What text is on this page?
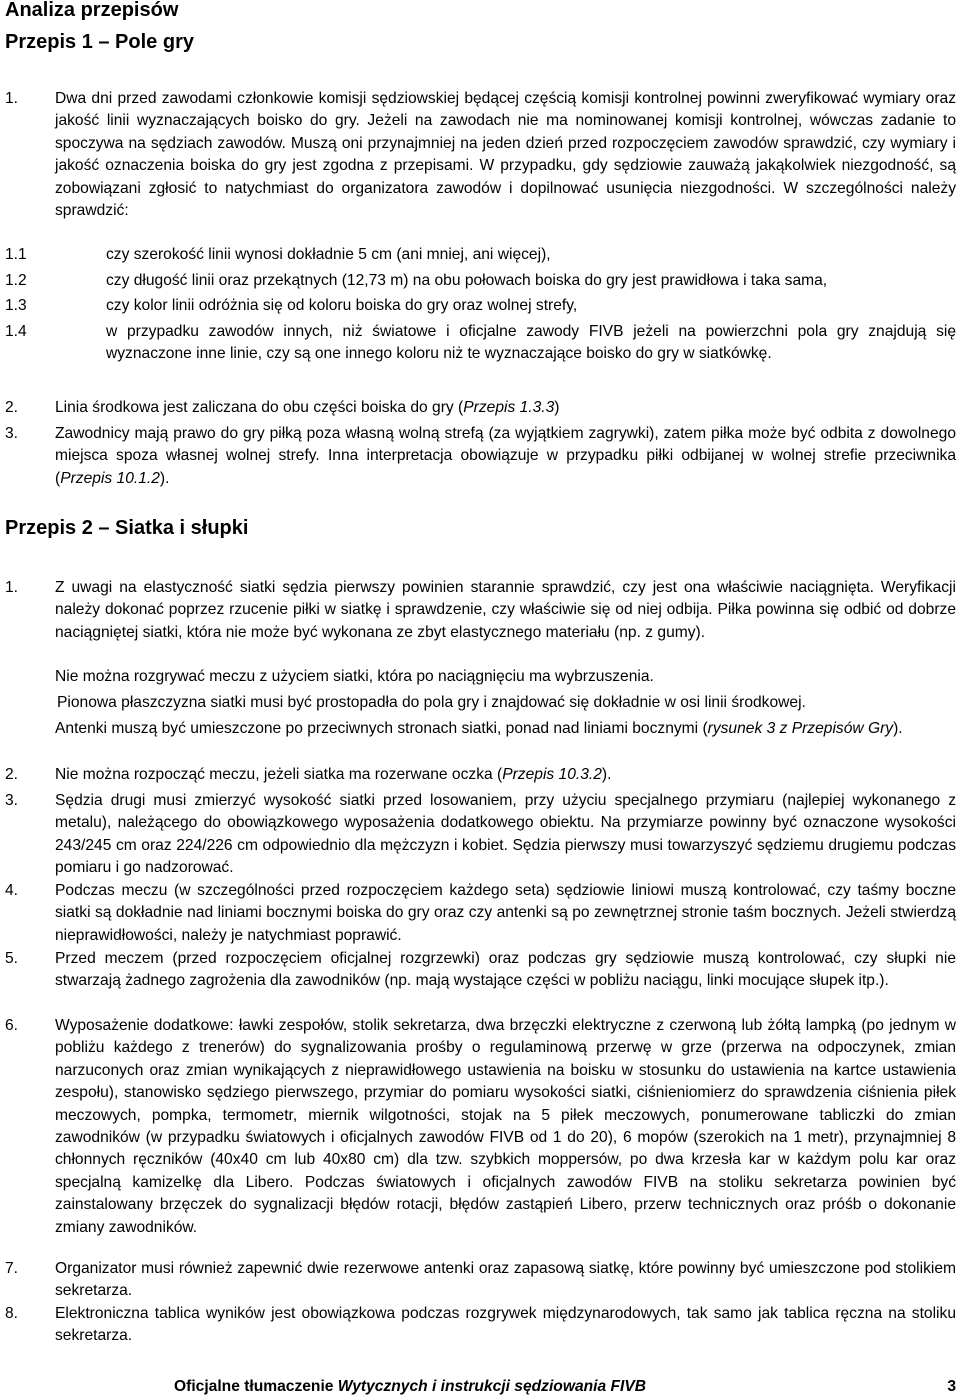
Analiza przepisów
Przepis 1 – Pole gry
1.	Dwa dni przed zawodami członkowie komisji sędziowskiej będącej częścią komisji kontrolnej powinni zweryfikować wymiary oraz jakość linii wyznaczających boisko do gry. Jeżeli na zawodach nie ma nominowanej komisji kontrolnej, wówczas zadanie to spoczywa na sędziach zawodów. Muszą oni przynajmniej na jeden dzień przed rozpoczęciem zawodów sprawdzić, czy wymiary i jakość oznaczenia boiska do gry jest zgodna z przepisami. W przypadku, gdy sędziowie zauważą jakąkolwiek niezgodność, są zobowiązani zgłosić to natychmiast do organizatora zawodów i dopilnować usunięcia niezgodności. W szczególności należy sprawdzić:
1.1	czy szerokość linii wynosi dokładnie 5 cm (ani mniej, ani więcej),
1.2	czy długość linii oraz przekątnych (12,73 m) na obu połowach boiska do gry jest prawidłowa i taka sama,
1.3	czy kolor linii odróżnia się od koloru boiska do gry oraz wolnej strefy,
1.4	w przypadku zawodów innych, niż światowe i oficjalne zawody FIVB jeżeli na powierzchni pola gry znajdują się wyznaczone inne linie, czy są one innego koloru niż te wyznaczające boisko do gry w siatkówkę.
2.	Linia środkowa jest zaliczana do obu części boiska do gry (Przepis 1.3.3)
3.	Zawodnicy mają prawo do gry piłką poza własną wolną strefą (za wyjątkiem zagrywki), zatem piłka może być odbita z dowolnego miejsca spoza własnej wolnej strefy. Inna interpretacja obowiązuje w przypadku piłki odbijanej w wolnej strefie przeciwnika (Przepis 10.1.2).
Przepis 2 – Siatka i słupki
1.	Z uwagi na elastyczność siatki sędzia pierwszy powinien starannie sprawdzić, czy jest ona właściwie naciągnięta. Weryfikacji należy dokonać poprzez rzucenie piłki w siatkę i sprawdzenie, czy właściwie się od niej odbija. Piłka powinna się odbić od dobrze naciągniętej siatki, która nie może być wykonana ze zbyt elastycznego materiału (np. z gumy).
Nie można rozgrywać meczu z użyciem siatki, która po naciągnięciu ma wybrzuszenia.
Pionowa płaszczyzna siatki musi być prostopadła do pola gry i znajdować się dokładnie w osi linii środkowej.
Antenki muszą być umieszczone po przeciwnych stronach siatki, ponad nad liniami bocznymi (rysunek 3 z Przepisów Gry).
2.	Nie można rozpocząć meczu, jeżeli siatka ma rozerwane oczka (Przepis 10.3.2).
3.	Sędzia drugi musi zmierzyć wysokość siatki przed losowaniem, przy użyciu specjalnego przymiaru (najlepiej wykonanego z metalu), należącego do obowiązkowego wyposażenia dodatkowego obiektu. Na przymiarze powinny być oznaczone wysokości 243/245 cm oraz 224/226 cm odpowiednio dla mężczyzn i kobiet. Sędzia pierwszy musi towarzyszyć sędziemu drugiemu podczas pomiaru i go nadzorować.
4.	Podczas meczu (w szczególności przed rozpoczęciem każdego seta) sędziowie liniowi muszą kontrolować, czy taśmy boczne siatki są dokładnie nad liniami bocznymi boiska do gry oraz czy antenki są po zewnętrznej stronie taśm bocznych. Jeżeli stwierdzą nieprawidłowości, należy je natychmiast poprawić.
5.	Przed meczem (przed rozpoczęciem oficjalnej rozgrzewki) oraz podczas gry sędziowie muszą kontrolować, czy słupki nie stwarzają żadnego zagrożenia dla zawodników (np. mają wystające części w pobliżu naciągu, linki mocujące słupek itp.).
6.	Wyposażenie dodatkowe: ławki zespołów, stolik sekretarza, dwa brzęczki elektryczne z czerwoną lub żółtą lampką (po jednym w pobliżu każdego z trenerów) do sygnalizowania prośby o regulaminową przerwę w grze (przerwa na odpoczynek, zmian narzuconych oraz zmian wynikających z nieprawidłowego ustawienia na boisku w stosunku do ustawienia na kartce ustawienia zespołu), stanowisko sędziego pierwszego, przymiar do pomiaru wysokości siatki, ciśnieniomierz do sprawdzenia ciśnienia piłek meczowych, pompka, termometr, miernik wilgotności, stojak na 5 piłek meczowych, ponumerowane tabliczki do zmian zawodników (w przypadku światowych i oficjalnych zawodów FIVB od 1 do 20), 6 mopów (szerokich na 1 metr), przynajmniej 8 chłonnych ręczników (40x40 cm lub 40x80 cm) dla tzw. szybkich moppersów, po dwa krzesła kar w każdym polu kar oraz specjalną kamizelkę dla Libero. Podczas światowych i oficjalnych zawodów FIVB na stoliku sekretarza powinien być zainstalowany brzęczek do sygnalizacji błędów rotacji, błędów zastąpień Libero, przerw technicznych oraz próśb o dokonanie zmiany zawodników.
7.	Organizator musi również zapewnić dwie rezerwowe antenki oraz zapasową siatkę, które powinny być umieszczone pod stolikiem sekretarza.
8.	Elektroniczna tablica wyników jest obowiązkowa podczas rozgrywek międzynarodowych, tak samo jak tablica ręczna na stoliku sekretarza.
Oficjalne tłumaczenie Wytycznych i instrukcji sędziowania FIVB	3
